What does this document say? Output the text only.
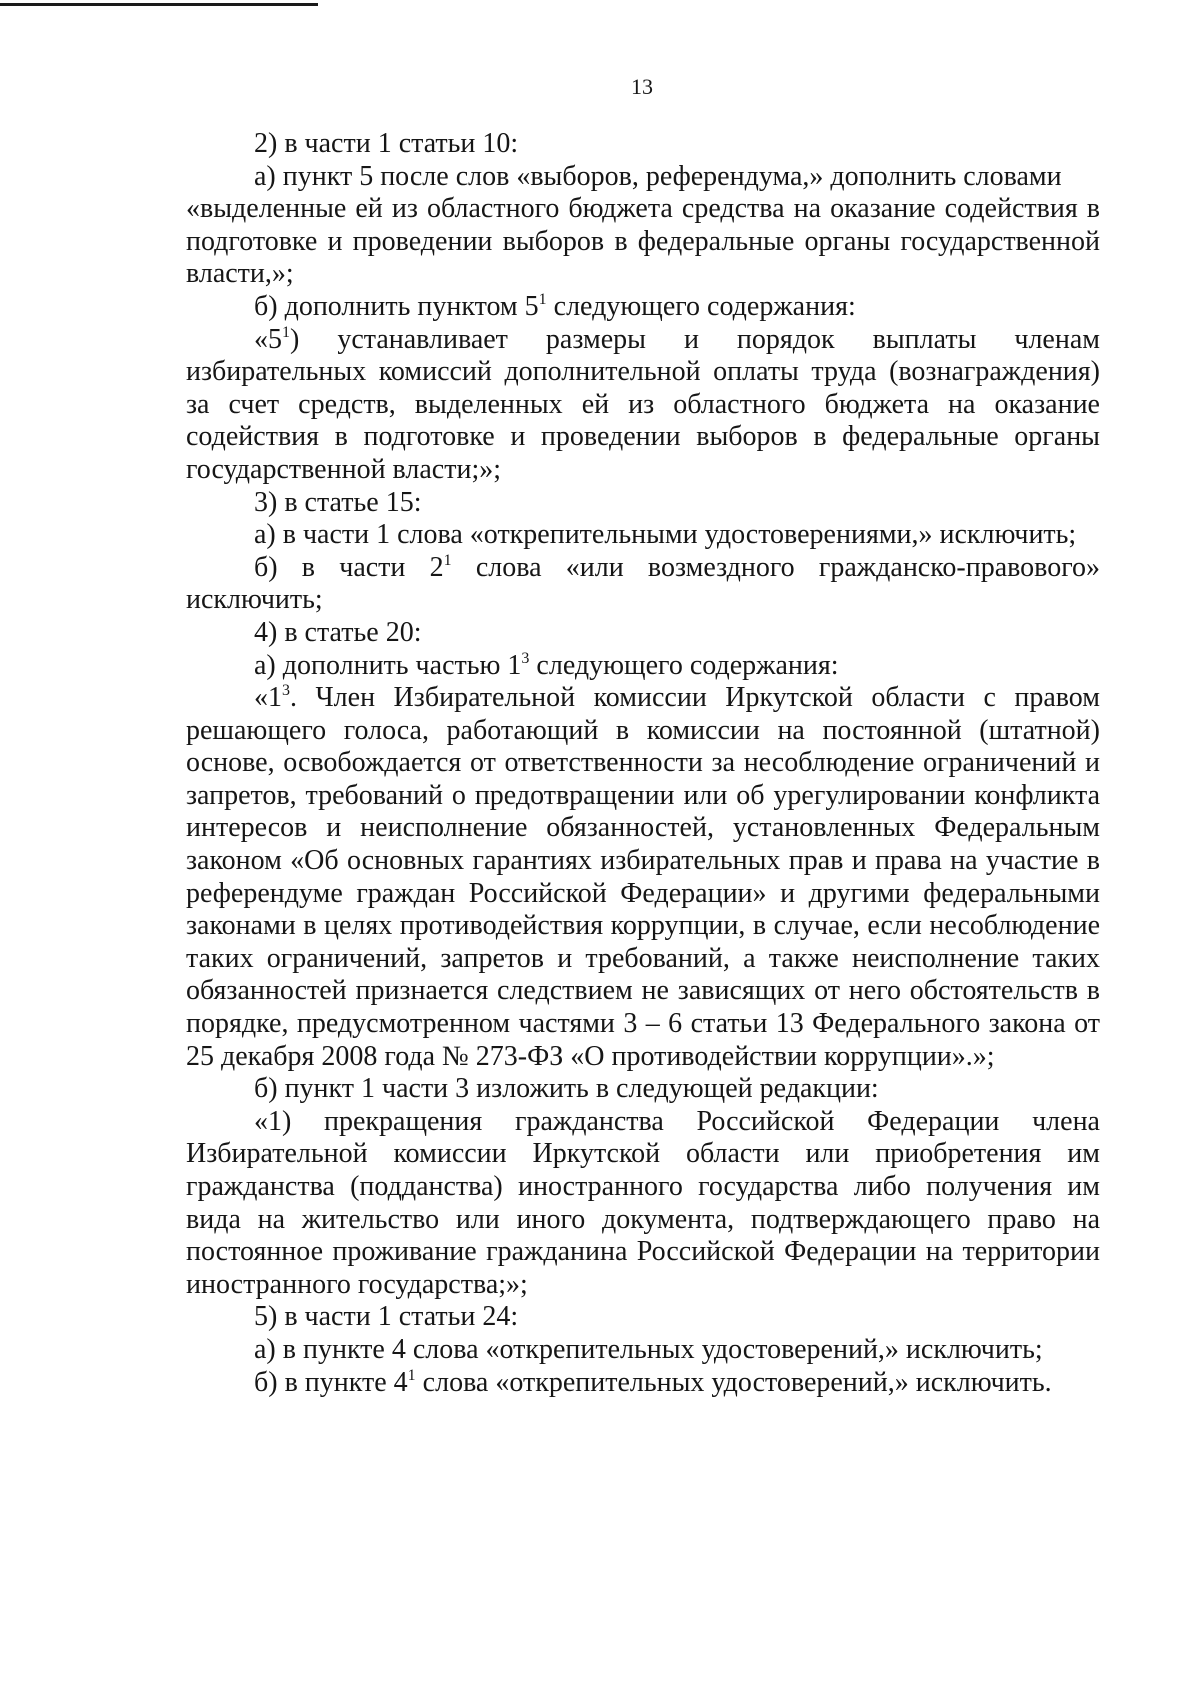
13

2) в части 1 статьи 10:

а) пункт 5 после слов «выборов, референдума,» дополнить словами

«выделенные ей из областного бюджета средства на оказание содействия в подготовке и проведении выборов в федеральные органы государственной власти,»;

б) дополнить пунктом $5^1$ следующего содержания:

«$5^1$) устанавливает размеры и порядок выплаты членам избирательных комиссий дополнительной оплаты труда (вознаграждения) за счет средств, выделенных ей из областного бюджета на оказание содействия в подготовке и проведении выборов в федеральные органы государственной власти;»;

3) в статье 15:

а) в части 1 слова «открепительными удостоверениями,» исключить;

б) в части $2^1$ слова «или возмездного гражданско-правового» исключить;

4) в статье 20:

а) дополнить частью $1^3$ следующего содержания:

«$1^3$. Член Избирательной комиссии Иркутской области с правом решающего голоса, работающий в комиссии на постоянной (штатной) основе, освобождается от ответственности за несоблюдение ограничений и запретов, требований о предотвращении или об урегулировании конфликта интересов и неисполнение обязанностей, установленных Федеральным законом «Об основных гарантиях избирательных прав и права на участие в референдуме граждан Российской Федерации» и другими федеральными законами в целях противодействия коррупции, в случае, если несоблюдение таких ограничений, запретов и требований, а также неисполнение таких обязанностей признается следствием не зависящих от него обстоятельств в порядке, предусмотренном частями 3 – 6 статьи 13 Федерального закона от 25 декабря 2008 года № 273-ФЗ «О противодействии коррупции».»;

б) пункт 1 части 3 изложить в следующей редакции:

«1) прекращения гражданства Российской Федерации члена Избирательной комиссии Иркутской области или приобретения им гражданства (подданства) иностранного государства либо получения им вида на жительство или иного документа, подтверждающего право на постоянное проживание гражданина Российской Федерации на территории иностранного государства;»;

5) в части 1 статьи 24:

а) в пункте 4 слова «открепительных удостоверений,» исключить;

б) в пункте $4^1$ слова «открепительных удостоверений,» исключить.
